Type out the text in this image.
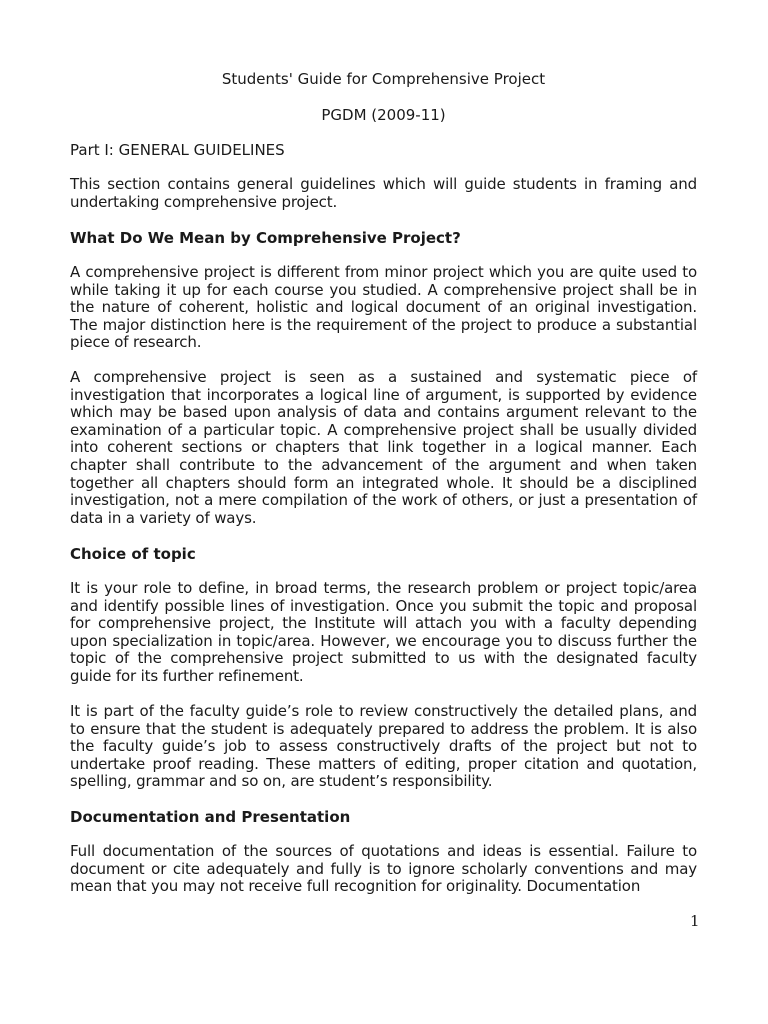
Students' Guide for Comprehensive Project
PGDM (2009-11)
Part I: GENERAL GUIDELINES

This section contains general guidelines which will guide students in framing and undertaking comprehensive project.

What Do We Mean by Comprehensive Project?

A comprehensive project is different from minor project which you are quite used to while taking it up for each course you studied. A comprehensive project shall be in the nature of coherent, holistic and logical document of an original investigation. The major distinction here is the requirement of the project to produce a substantial piece of research.

A comprehensive project is seen as a sustained and systematic piece of investigation that incorporates a logical line of argument, is supported by evidence which may be based upon analysis of data and contains argument relevant to the examination of a particular topic. A comprehensive project shall be usually divided into coherent sections or chapters that link together in a logical manner. Each chapter shall contribute to the advancement of the argument and when taken together all chapters should form an integrated whole. It should be a disciplined investigation, not a mere compilation of the work of others, or just a presentation of data in a variety of ways.

Choice of topic

It is your role to define, in broad terms, the research problem or project topic/area and identify possible lines of investigation. Once you submit the topic and proposal for comprehensive project, the Institute will attach you with a faculty depending upon specialization in topic/area. However, we encourage you to discuss further the topic of the comprehensive project submitted to us with the designated faculty guide for its further refinement.

It is part of the faculty guide’s role to review constructively the detailed plans, and to ensure that the student is adequately prepared to address the problem. It is also the faculty guide’s job to assess constructively drafts of the project but not to undertake proof reading. These matters of editing, proper citation and quotation, spelling, grammar and so on, are student’s responsibility.

Documentation and Presentation

Full documentation of the sources of quotations and ideas is essential. Failure to document or cite adequately and fully is to ignore scholarly conventions and may mean that you may not receive full recognition for originality. Documentation

1
